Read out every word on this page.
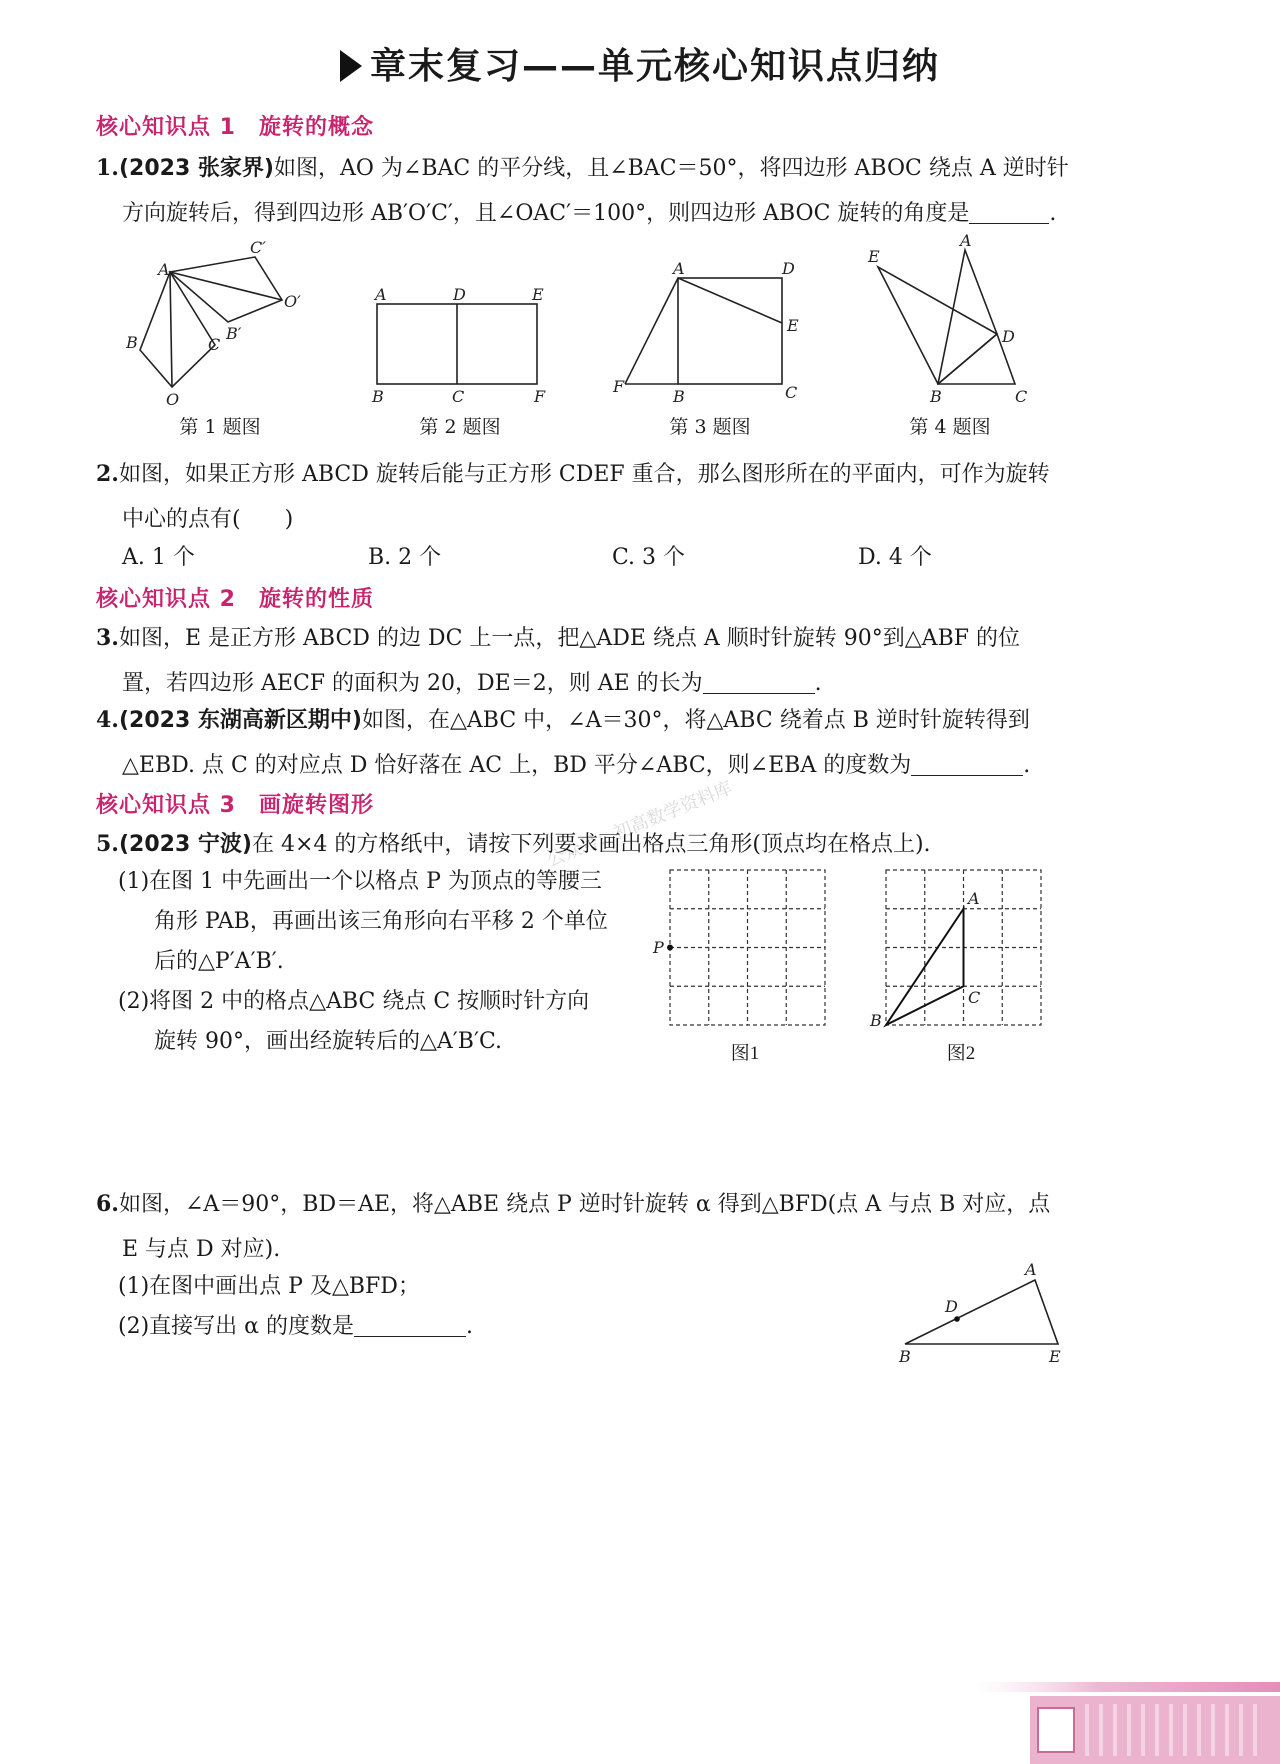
章末复习——单元核心知识点归纳
核心知识点 1　旋转的概念
1.(2023 张家界)如图，AO 为∠BAC 的平分线，且∠BAC＝50°，将四边形 ABOC 绕点 A 逆时针
方向旋转后，得到四边形 AB′O′C′，且∠OAC′＝100°，则四边形 ABOC 旋转的角度是	.
A
B	C
O
B′
C′
O′
第 1 题图
A	D	E
B	C	F
第 2 题图
A	D
E
C
B
F
第 3 题图
A
E
D
B	C
第 4 题图
2.如图，如果正方形 ABCD 旋转后能与正方形 CDEF 重合，那么图形所在的平面内，可作为旋转
中心的点有(　　)
A. 1 个	B. 2 个	C. 3 个	D. 4 个
核心知识点 2　旋转的性质
3.如图，E 是正方形 ABCD 的边 DC 上一点，把△ADE 绕点 A 顺时针旋转 90°到△ABF 的位
置，若四边形 AECF 的面积为 20，DE＝2，则 AE 的长为	.
4.(2023 东湖高新区期中)如图，在△ABC 中，∠A＝30°，将△ABC 绕着点 B 逆时针旋转得到
△EBD. 点 C 的对应点 D 恰好落在 AC 上，BD 平分∠ABC，则∠EBA 的度数为	.
公众号：初高数学资料库
核心知识点 3　画旋转图形
5.(2023 宁波)在 4×4 的方格纸中，请按下列要求画出格点三角形(顶点均在格点上).
(1)在图 1 中先画出一个以格点 P 为顶点的等腰三
角形 PAB，再画出该三角形向右平移 2 个单位
后的△P′A′B′.
(2)将图 2 中的格点△ABC 绕点 C 按顺时针方向
旋转 90°，画出经旋转后的△A′B′C.
P
图1
A
C
B
图2
6.如图，∠A＝90°，BD＝AE，将△ABE 绕点 P 逆时针旋转 α 得到△BFD(点 A 与点 B 对应，点
E 与点 D 对应).
(1)在图中画出点 P 及△BFD；
(2)直接写出 α 的度数是	.
A
D
B	E
